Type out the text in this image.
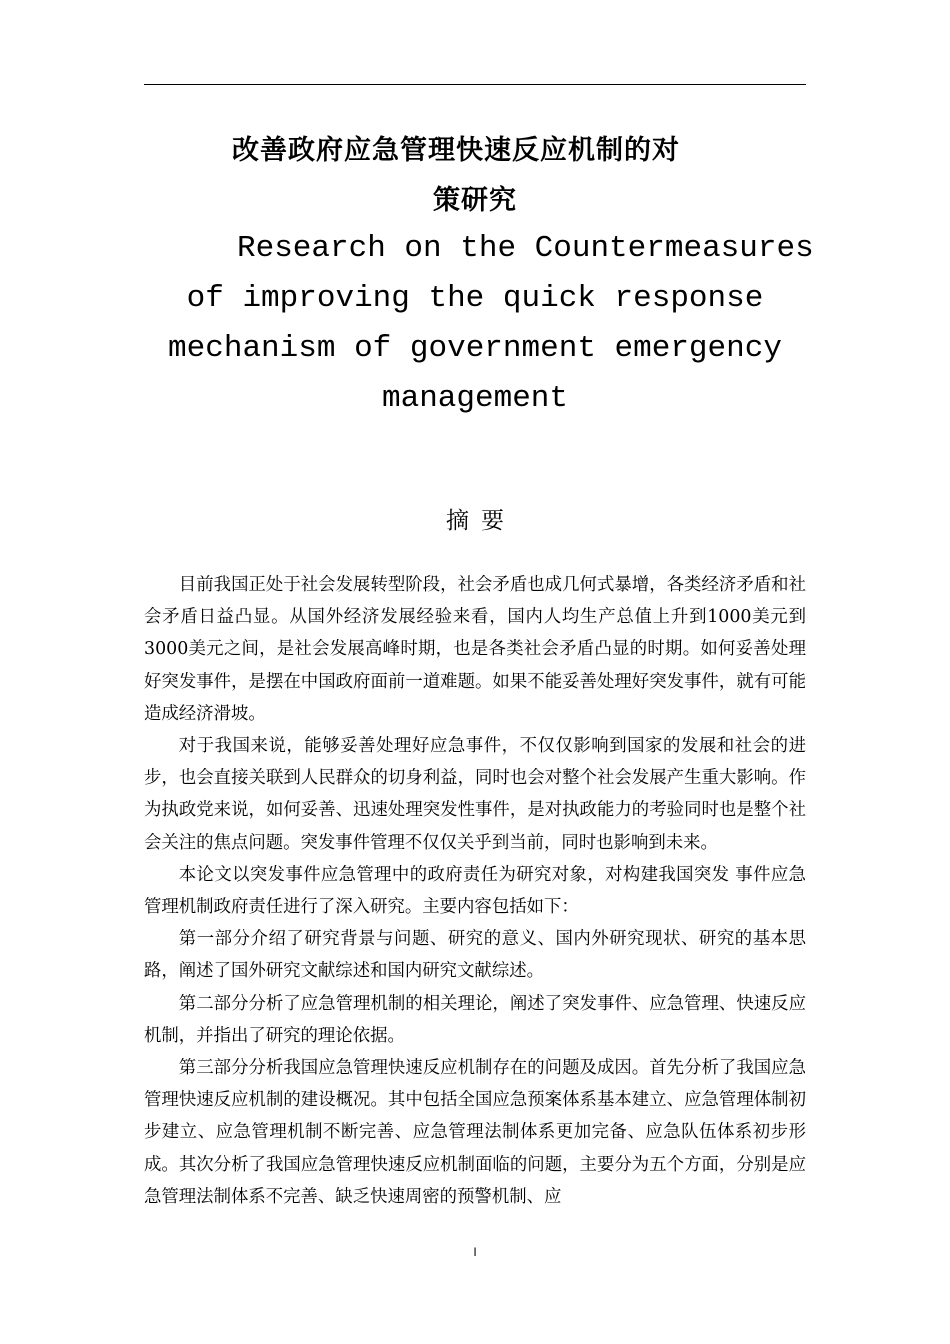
改善政府应急管理快速反应机制的对
策研究
Research on the Countermeasures
of improving the quick response
mechanism of government emergency
management
摘要

目前我国正处于社会发展转型阶段，社会矛盾也成几何式暴增，各类经济矛盾和社会矛盾日益凸显。从国外经济发展经验来看，国内人均生产总值上升到1000美元到3000美元之间，是社会发展高峰时期，也是各类社会矛盾凸显的时期。如何妥善处理好突发事件，是摆在中国政府面前一道难题。如果不能妥善处理好突发事件，就有可能造成经济滑坡。

对于我国来说，能够妥善处理好应急事件，不仅仅影响到国家的发展和社会的进步，也会直接关联到人民群众的切身利益，同时也会对整个社会发展产生重大影响。作为执政党来说，如何妥善、迅速处理突发性事件，是对执政能力的考验同时也是整个社会关注的焦点问题。突发事件管理不仅仅关乎到当前，同时也影响到未来。

本论文以突发事件应急管理中的政府责任为研究对象，对构建我国突发 事件应急管理机制政府责任进行了深入研究。主要内容包括如下：

第一部分介绍了研究背景与问题、研究的意义、国内外研究现状、研究的基本思路，阐述了国外研究文献综述和国内研究文献综述。

第二部分分析了应急管理机制的相关理论，阐述了突发事件、应急管理、快速反应机制，并指出了研究的理论依据。

第三部分分析我国应急管理快速反应机制存在的问题及成因。首先分析了我国应急管理快速反应机制的建设概况。其中包括全国应急预案体系基本建立、应急管理体制初步建立、应急管理机制不断完善、应急管理法制体系更加完备、应急队伍体系初步形成。其次分析了我国应急管理快速反应机制面临的问题，主要分为五个方面，分别是应急管理法制体系不完善、缺乏快速周密的预警机制、应

I
